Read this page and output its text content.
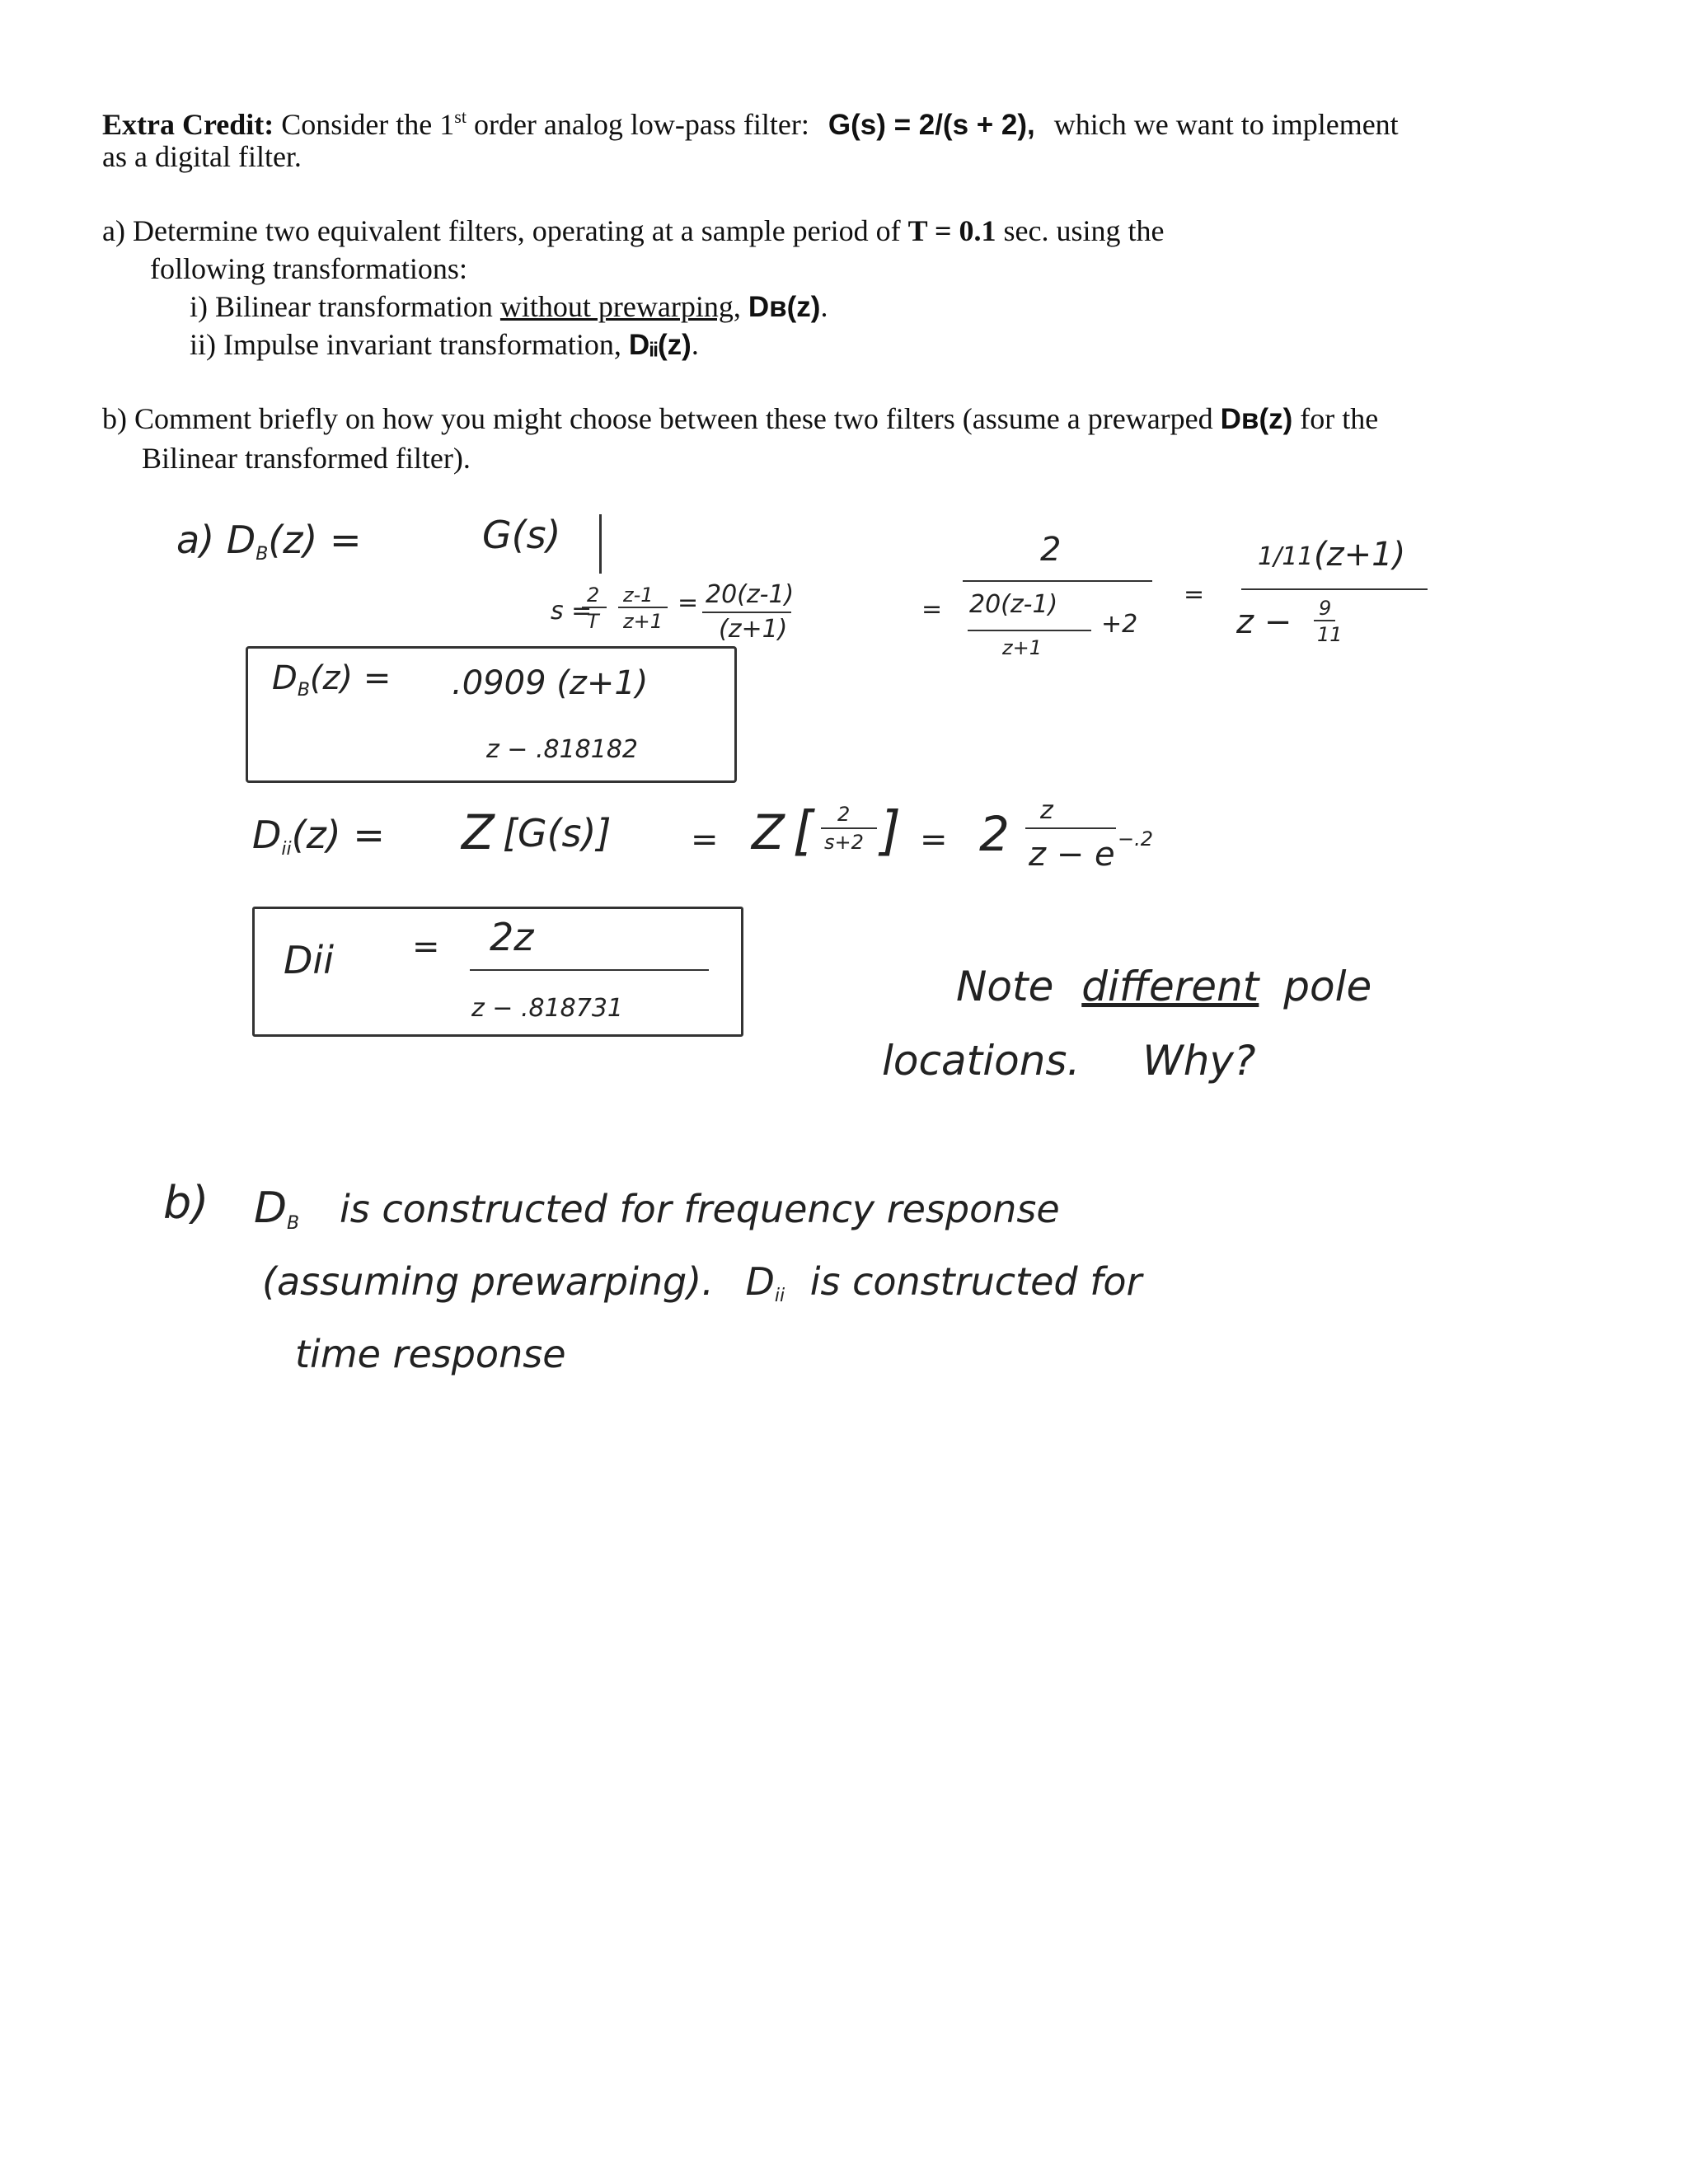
Extra Credit: Consider the 1st order analog low-pass filter: G(s) = 2/(s + 2), which we want to implement
as a digital filter.
a) Determine two equivalent filters, operating at a sample period of T = 0.1 sec. using the
following transformations:
i) Bilinear transformation without prewarping, Dʙ(z).
ii) Impulse invariant transformation, Dᵢᵢ(z).
b) Comment briefly on how you might choose between these two filters (assume a prewarped Dʙ(z) for the
Bilinear transformed filter).
a) $D_B(z)$ =	G(s)
s =
2
T
z-1
z+1
= 20(z-1)
(z+1)
=
2
20(z-1)
+2
z+1
=
1/11 (z+1)
z − 9
11
$D_B(z) = .0909$ (z+1)
z − .818182
$D_{ii}(z) = Z$ [G(s)] = Z [ 2
s+2 ] = 2 z
z − e −.2
Dii = 2z
z − .818731	Note different pole
locations. Why?
b) $D_B$ is constructed for frequency response
(assuming prewarping). $D_{ii}$ is constructed for
time response
